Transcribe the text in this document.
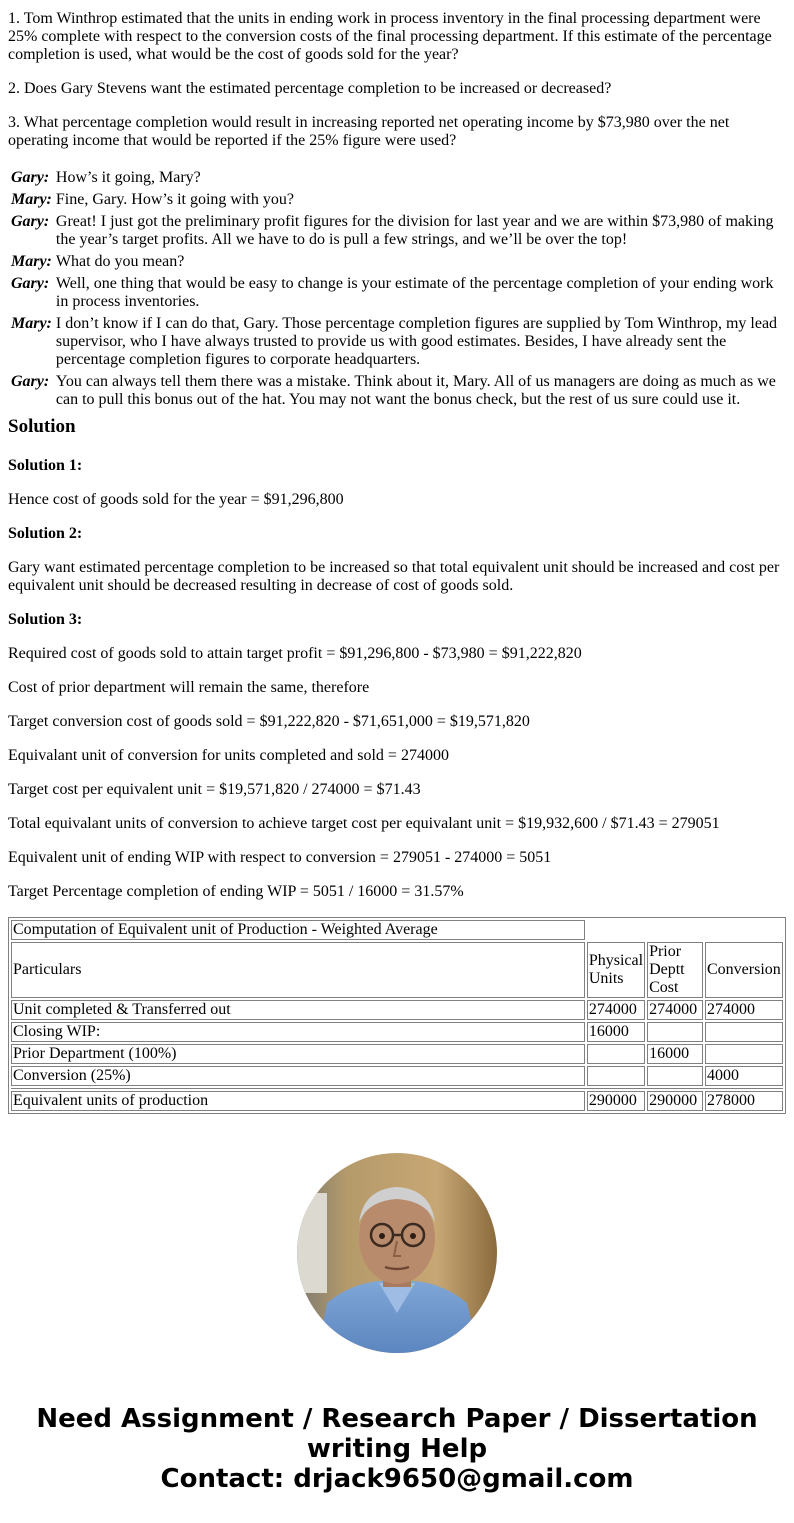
1. Tom Winthrop estimated that the units in ending work in process inventory in the final processing department were 25% complete with respect to the conversion costs of the final processing department. If this estimate of the percentage completion is used, what would be the cost of goods sold for the year?

2. Does Gary Stevens want the estimated percentage completion to be increased or decreased?

3. What percentage completion would result in increasing reported net operating income by $73,980 over the net operating income that would be reported if the 25% figure were used?

Gary:	How’s it going, Mary?
Mary:	Fine, Gary. How’s it going with you?
Gary:	Great! I just got the preliminary profit figures for the division for last year and we are within $73,980 of making the year’s target profits. All we have to do is pull a few strings, and we’ll be over the top!
Mary:	What do you mean?
Gary:	Well, one thing that would be easy to change is your estimate of the percentage completion of your ending work in process inventories.
Mary:	I don’t know if I can do that, Gary. Those percentage completion figures are supplied by Tom Winthrop, my lead supervisor, who I have always trusted to provide us with good estimates. Besides, I have already sent the percentage completion figures to corporate headquarters.
Gary:	You can always tell them there was a mistake. Think about it, Mary. All of us managers are doing as much as we can to pull this bonus out of the hat. You may not want the bonus check, but the rest of us sure could use it.
Solution

Solution 1:

Hence cost of goods sold for the year = $91,296,800

Solution 2:

Gary want estimated percentage completion to be increased so that total equivalent unit should be increased and cost per equivalent unit should be decreased resulting in decrease of cost of goods sold.

Solution 3:

Required cost of goods sold to attain target profit = $91,296,800 - $73,980 = $91,222,820

Cost of prior department will remain the same, therefore

Target conversion cost of goods sold = $91,222,820 - $71,651,000 = $19,571,820

Equivalant unit of conversion for units completed and sold = 274000

Target cost per equivalent unit = $19,571,820 / 274000 = $71.43

Total equivalant units of conversion to achieve target cost per equivalant unit = $19,932,600 / $71.43 = 279051

Equivalent unit of ending WIP with respect to conversion = 279051 - 274000 = 5051

Target Percentage completion of ending WIP = 5051 / 16000 = 31.57%

Computation of Equivalent unit of Production - Weighted Average			
Particulars	Physical Units	Prior Deptt Cost	Conversion
Unit completed & Transferred out	274000	274000	274000
Closing WIP:	16000		
Prior Department (100%)		16000	
Conversion (25%)			4000

Equivalent units of production	290000	290000	278000
Need Assignment / Research Paper / Dissertation
writing Help
Contact: drjack9650@gmail.com
